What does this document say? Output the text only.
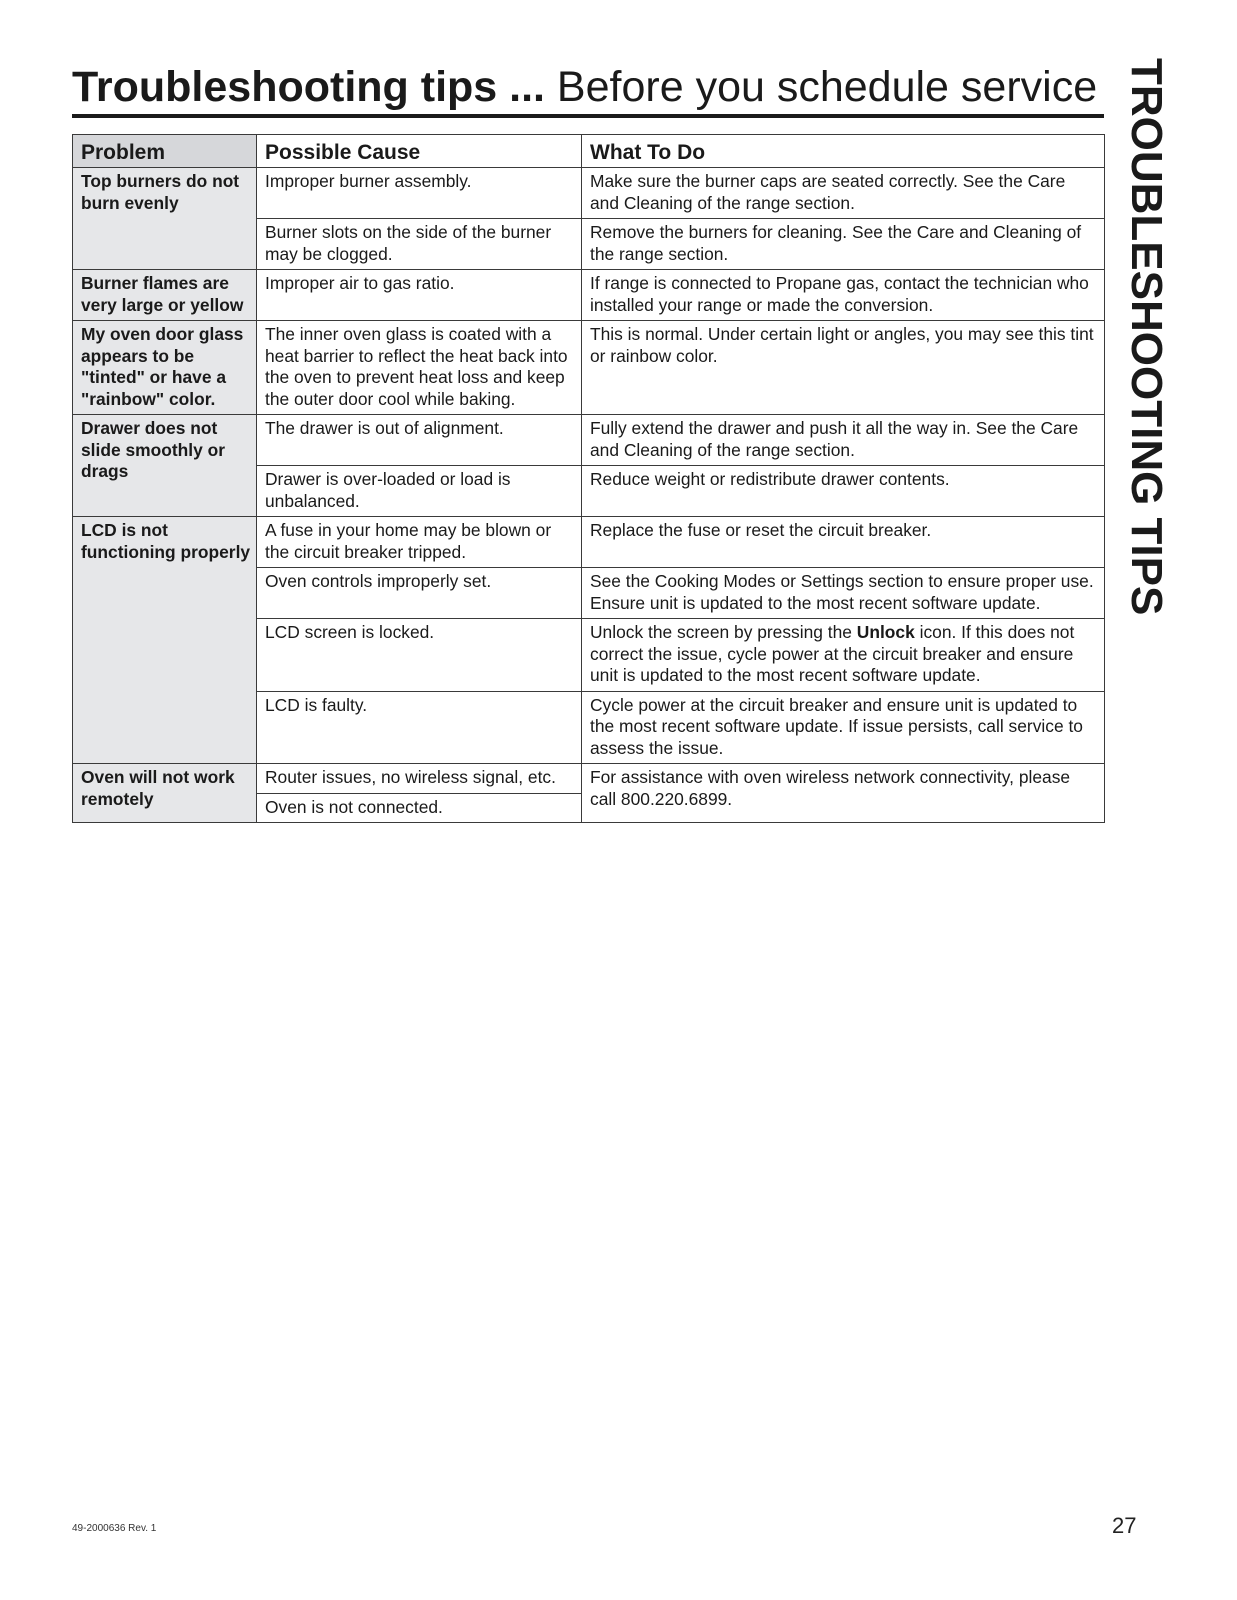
Troubleshooting tips ... Before you schedule service TROUBLESHOOTING TIPS
Problem	Possible Cause	What To Do
Top burners do not burn evenly	Improper burner assembly.	Make sure the burner caps are seated correctly. See the Care and Cleaning of the range section.
	Burner slots on the side of the burner may be clogged.	Remove the burners for cleaning. See the Care and Cleaning of the range section.
Burner flames are very large or yellow	Improper air to gas ratio.	If range is connected to Propane gas, contact the technician who installed your range or made the conversion.
My oven door glass appears to be "tinted" or have a "rainbow" color.	The inner oven glass is coated with a heat barrier to reflect the heat back into the oven to prevent heat loss and keep the outer door cool while baking.	This is normal. Under certain light or angles, you may see this tint or rainbow color.
Drawer does not slide smoothly or drags	The drawer is out of alignment.	Fully extend the drawer and push it all the way in. See the Care and Cleaning of the range section.
	Drawer is over-loaded or load is unbalanced.	Reduce weight or redistribute drawer contents.
LCD is not functioning properly	A fuse in your home may be blown or the circuit breaker tripped.	Replace the fuse or reset the circuit breaker.
	Oven controls improperly set.	See the Cooking Modes or Settings section to ensure proper use. Ensure unit is updated to the most recent software update.
	LCD screen is locked.	Unlock the screen by pressing the Unlock icon. If this does not correct the issue, cycle power at the circuit breaker and ensure unit is updated to the most recent software update.
	LCD is faulty.	Cycle power at the circuit breaker and ensure unit is updated to the most recent software update. If issue persists, call service to assess the issue.
Oven will not work remotely	Router issues, no wireless signal, etc.	For assistance with oven wireless network connectivity, please call 800.220.6899.
	Oven is not connected.	
49-2000636 Rev. 1	27
